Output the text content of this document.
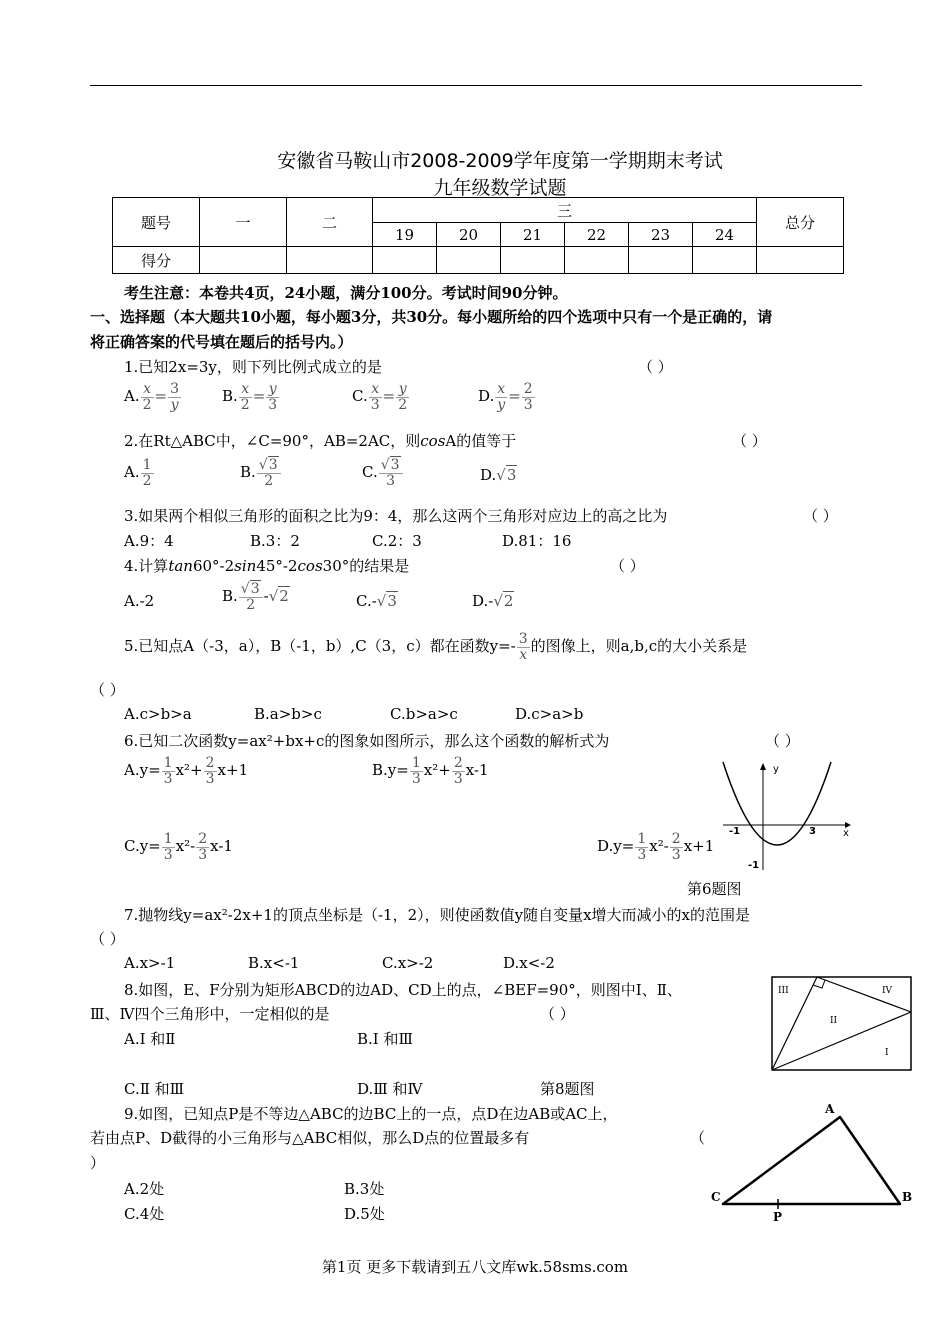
安徽省马鞍山市2008-2009学年度第一学期期末考试
九年级数学试题
题号	一	二	三						总分
			19	20	21	22	23	24	
得分									
考生注意：本卷共4页，24小题，满分100分。考试时间90分钟。
一、选择题（本大题共10小题，每小题3分，共30分。每小题所给的四个选项中只有一个是正确的，请
将正确答案的代号填在题后的括号内。）
1.已知2x=3y，则下列比例式成立的是	（ ）
A. $\frac{x}{2} = \frac{3}{y}$	B. $\frac{x}{2} = \frac{y}{3}$	C. $\frac{x}{3} = \frac{y}{2}$	D. $\frac{x}{y} = \frac{2}{3}$
2.在Rt△ABC中，∠C=90°，AB=2AC，则cosA的值等于	（ ）
A. $\frac{1}{2}$	B. $\frac{√3}{2}$	C. $\frac{√3}{3}$	D.√3
3.如果两个相似三角形的面积之比为9：4，那么这两个三角形对应边上的高之比为	（ ）
A.9：4	B.3：2	C.2：3	D.81：16
4.计算tan60°-2sin45°-2cos30°的结果是	（ ）
A.-2	B. $\frac{√3}{2} -√2$	C.-√3	D.-√2
5.已知点A（-3，a），B（-1，b）,C（3，c）都在函数$y=- \frac{3}{x}$ 的图像上，则a,b,c的大小关系是
（ ）
A.c>b>a	B.a>b>c	C.b>a>c	D.c>a>b
6.已知二次函数y=ax²+bx+c的图象如图所示，那么这个函数的解析式为	（ ）
$A.y= \frac{1}{3} x^2+ \frac{2}{3} x+1$	$B.y= \frac{1}{3} x^2+ \frac{2}{3} x-1$
$C.y= \frac{1}{3} x^2- \frac{2}{3} x-1$	$D.y= \frac{1}{3} x^2- \frac{2}{3} x+1$
y
x
-1	3
-1
第6题图
7.抛物线y=ax²-2x+1的顶点坐标是（-1，2），则使函数值y随自变量x增大而减小的x的范围是
（ ）
A.x>-1	B.x<-1	C.x>-2	D.x<-2
8.如图，E、F分别为矩形ABCD的边AD、CD上的点，∠BEF=90°，则图中Ⅰ、Ⅱ、
Ⅲ、Ⅳ四个三角形中，一定相似的是	（ ）
A.Ⅰ 和Ⅱ	B.Ⅰ 和Ⅲ
C.Ⅱ 和Ⅲ	D.Ⅲ 和Ⅳ	第8题图
III	IV
II
I
9.如图，已知点P是不等边△ABC的边BC上的一点，点D在边AB或AC上，
若由点P、D截得的小三角形与△ABC相似，那么D点的位置最多有	（
）
A.2处	B.3处
C.4处	D.5处
A
C	B
P
第1页 更多下载请到五八文库wk.58sms.com
